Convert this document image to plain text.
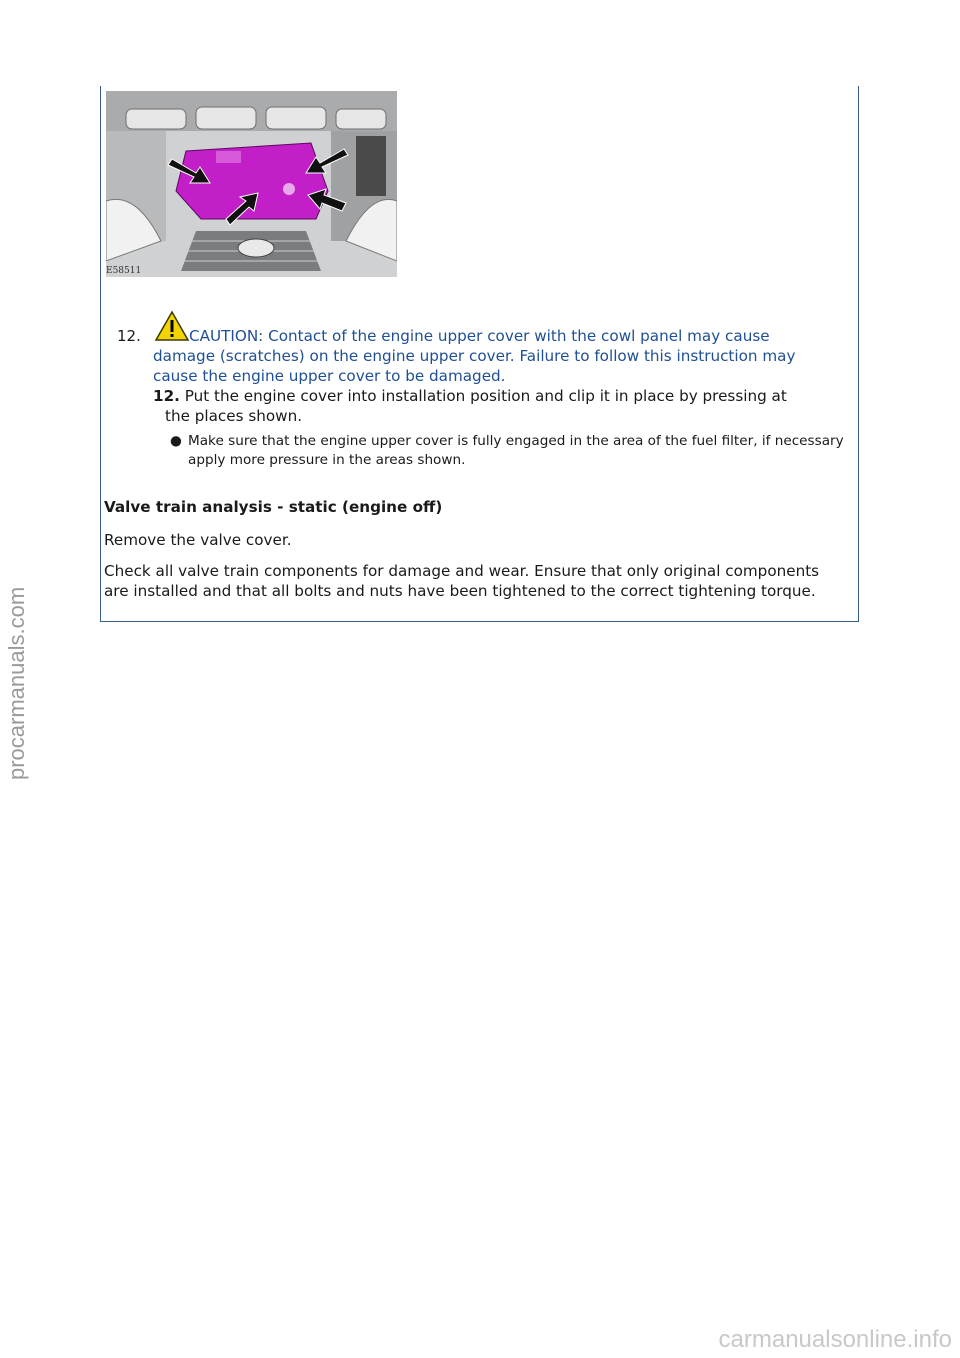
E58511
12.	CAUTION: Contact of the engine upper cover with the cowl panel may cause damage (scratches) on the engine upper cover. Failure to follow this instruction may cause the engine upper cover to be damaged.
12. Put the engine cover into installation position and clip it in place by pressing at
the places shown.
● Make sure that the engine upper cover is fully engaged in the area of the fuel filter, if necessary apply more pressure in the areas shown.
Valve train analysis - static (engine off)
Remove the valve cover.
Check all valve train components for damage and wear. Ensure that only original components are installed and that all bolts and nuts have been tightened to the correct tightening torque.
procarmanuals.com
carmanualsonline.info
